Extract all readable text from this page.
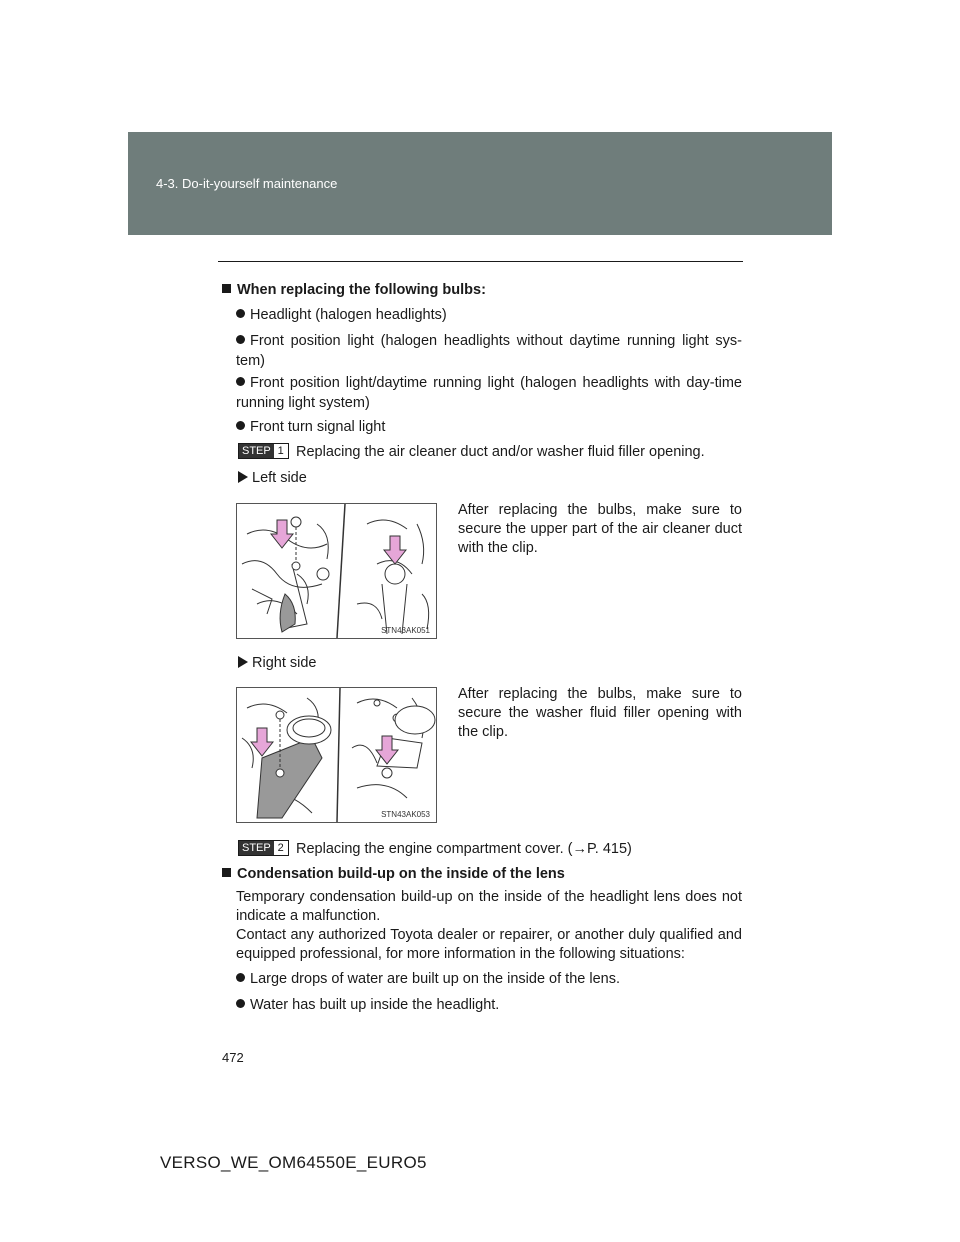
4-3. Do-it-yourself maintenance
When replacing the following bulbs:
Headlight (halogen headlights)
Front position light (halogen headlights without daytime running light sys-tem)
Front position light/daytime running light (halogen headlights with day-time running light system)
Front turn signal light
STEP 1 Replacing the air cleaner duct and/or washer fluid filler opening.
Left side
STN43AK051
After replacing the bulbs, make sure to secure the upper part of the air cleaner duct with the clip.
Right side
STN43AK053
After replacing the bulbs, make sure to secure the washer fluid filler opening with the clip.
STEP 2 Replacing the engine compartment cover. (→P. 415)
Condensation build-up on the inside of the lens
Temporary condensation build-up on the inside of the headlight lens does not indicate a malfunction.
Contact any authorized Toyota dealer or repairer, or another duly qualified and equipped professional, for more information in the following situations:
Large drops of water are built up on the inside of the lens.
Water has built up inside the headlight.
472
VERSO_WE_OM64550E_EURO5
